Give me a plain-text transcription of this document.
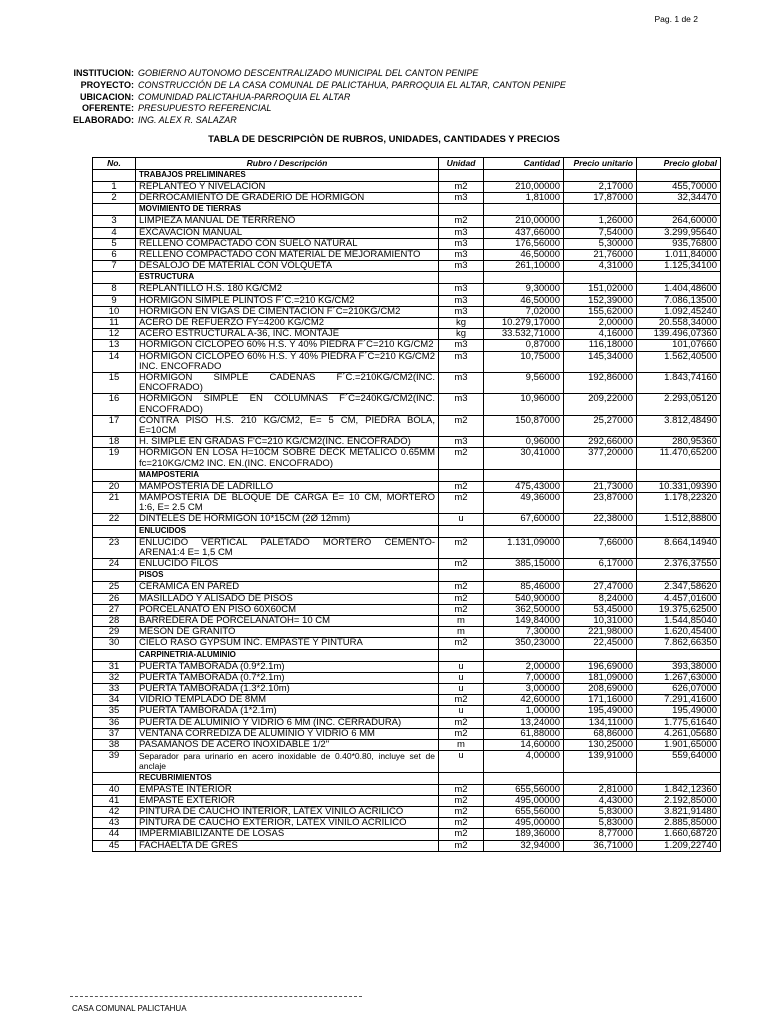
Pag. 1 de 2
INSTITUCION: GOBIERNO AUTONOMO DESCENTRALIZADO MUNICIPAL DEL CANTON PENIPE
PROYECTO: CONSTRUCCIÓN DE LA CASA COMUNAL DE PALICTAHUA, PARROQUIA EL ALTAR, CANTON PENIPE
UBICACION: COMUNIDAD PALICTAHUA-PARROQUIA EL ALTAR
OFERENTE: PRESUPUESTO REFERENCIAL
ELABORADO: ING. ALEX R. SALAZAR
TABLA DE DESCRIPCIÒN DE RUBROS, UNIDADES, CANTIDADES Y PRECIOS
No.	Rubro / Descripción	Unidad	Cantidad	Precio unitario	Precio global
	TRABAJOS PRELIMINARES				
1	REPLANTEO Y NIVELACION	m2	210,00000	2,17000	455,70000
2	DERROCAMIENTO DE GRADERIO DE HORMIGON	m3	1,81000	17,87000	32,34470
	MOVIMIENTO DE TIERRAS				
3	LIMPIEZA MANUAL DE TERRRENO	m2	210,00000	1,26000	264,60000
4	EXCAVACION MANUAL	m3	437,66000	7,54000	3.299,95640
5	RELLENO COMPACTADO CON SUELO NATURAL	m3	176,56000	5,30000	935,76800
6	RELLENO COMPACTADO CON MATERIAL DE MEJORAMIENTO	m3	46,50000	21,76000	1.011,84000
7	DESALOJO DE MATERIAL CON VOLQUETA	m3	261,10000	4,31000	1.125,34100
	ESTRUCTURA				
8	REPLANTILLO H.S. 180 KG/CM2	m3	9,30000	151,02000	1.404,48600
9	HORMIGON SIMPLE PLINTOS F´C.=210 KG/CM2	m3	46,50000	152,39000	7.086,13500
10	HORMIGON EN VIGAS DE CIMENTACION F´C=210KG/CM2	m3	7,02000	155,62000	1.092,45240
11	ACERO DE REFUERZO FY=4200 KG/CM2	kg	10.279,17000	2,00000	20.558,34000
12	ACERO ESTRUCTURAL A-36, INC. MONTAJE	kg	33.532,71000	4,16000	139.496,07360
13	HORMIGON CICLOPEO 60% H.S. Y 40% PIEDRA F´C=210 KG/CM2	m3	0,87000	116,18000	101,07660
14	HORMIGON CICLOPEO 60% H.S. Y 40% PIEDRA F´C=210 KG/CM2 INC. ENCOFRADO	m3	10,75000	145,34000	1.562,40500
15	HORMIGON SIMPLE CADENAS F´C.=210KG/CM2(INC. ENCOFRADO)	m3	9,56000	192,86000	1.843,74160
16	HORMIGON SIMPLE EN COLUMNAS F´C=240KG/CM2(INC. ENCOFRADO)	m3	10,96000	209,22000	2.293,05120
17	CONTRA PISO H.S. 210 KG/CM2, E= 5 CM, PIEDRA BOLA, E=10CM	m2	150,87000	25,27000	3.812,48490
18	H. SIMPLE EN GRADAS F'C=210 KG/CM2(INC. ENCOFRADO)	m3	0,96000	292,66000	280,95360
19	HORMIGON EN LOSA H=10CM SOBRE DECK METALICO 0.65MM fc=210KG/CM2 INC. EN.(INC. ENCOFRADO)	m2	30,41000	377,20000	11.470,65200
	MAMPOSTERIA				
20	MAMPOSTERIA DE LADRILLO	m2	475,43000	21,73000	10.331,09390
21	MAMPOSTERIA DE BLOQUE DE CARGA E= 10 CM, MORTERO 1:6, E= 2.5 CM	m2	49,36000	23,87000	1.178,22320
22	DINTELES DE HORMIGON 10*15CM (2Ø 12mm)	u	67,60000	22,38000	1.512,88800
	ENLUCIDOS				
23	ENLUCIDO VERTICAL PALETADO MORTERO CEMENTO-ARENA1:4 E= 1,5 CM	m2	1.131,09000	7,66000	8.664,14940
24	ENLUCIDO FILOS	m2	385,15000	6,17000	2.376,37550
	PISOS				
25	CERAMICA EN PARED	m2	85,46000	27,47000	2.347,58620
26	MASILLADO Y ALISADO DE PISOS	m2	540,90000	8,24000	4.457,01600
27	PORCELANATO EN PISO 60X60CM	m2	362,50000	53,45000	19.375,62500
28	BARREDERA DE PORCELANATOH= 10 CM	m	149,84000	10,31000	1.544,85040
29	MESON DE GRANITO	m	7,30000	221,98000	1.620,45400
30	CIELO RASO GYPSUM INC. EMPASTE Y PINTURA	m2	350,23000	22,45000	7.862,66350
	CARPINETRIA-ALUMINIO				
31	PUERTA TAMBORADA (0.9*2.1m)	u	2,00000	196,69000	393,38000
32	PUERTA TAMBORADA (0.7*2.1m)	u	7,00000	181,09000	1.267,63000
33	PUERTA TAMBORADA (1.3*2.10m)	u	3,00000	208,69000	626,07000
34	VIDRIO TEMPLADO DE 8MM	m2	42,60000	171,16000	7.291,41600
35	PUERTA TAMBORADA (1*2.1m)	u	1,00000	195,49000	195,49000
36	PUERTA DE ALUMINIO Y VIDRIO 6 MM (INC. CERRADURA)	m2	13,24000	134,11000	1.775,61640
37	VENTANA CORREDIZA DE ALUMINIO Y VIDRIO 6 MM	m2	61,88000	68,86000	4.261,05680
38	PASAMANOS DE ACERO INOXIDABLE 1/2"	m	14,60000	130,25000	1.901,65000
39	Separador para urinario en acero inoxidable de 0.40*0.80, incluye set de anclaje	u	4,00000	139,91000	559,64000
	RECUBRIMIENTOS				
40	EMPASTE INTERIOR	m2	655,56000	2,81000	1.842,12360
41	EMPASTE EXTERIOR	m2	495,00000	4,43000	2.192,85000
42	PINTURA DE CAUCHO INTERIOR, LATEX VINILO ACRILICO	m2	655,56000	5,83000	3.821,91480
43	PINTURA DE CAUCHO EXTERIOR, LATEX VINILO ACRILICO	m2	495,00000	5,83000	2.885,85000
44	IMPERMIABILIZANTE DE LOSAS	m2	189,36000	8,77000	1.660,68720
45	FACHAELTA DE GRES	m2	32,94000	36,71000	1.209,22740
CASA COMUNAL PALICTAHUA
